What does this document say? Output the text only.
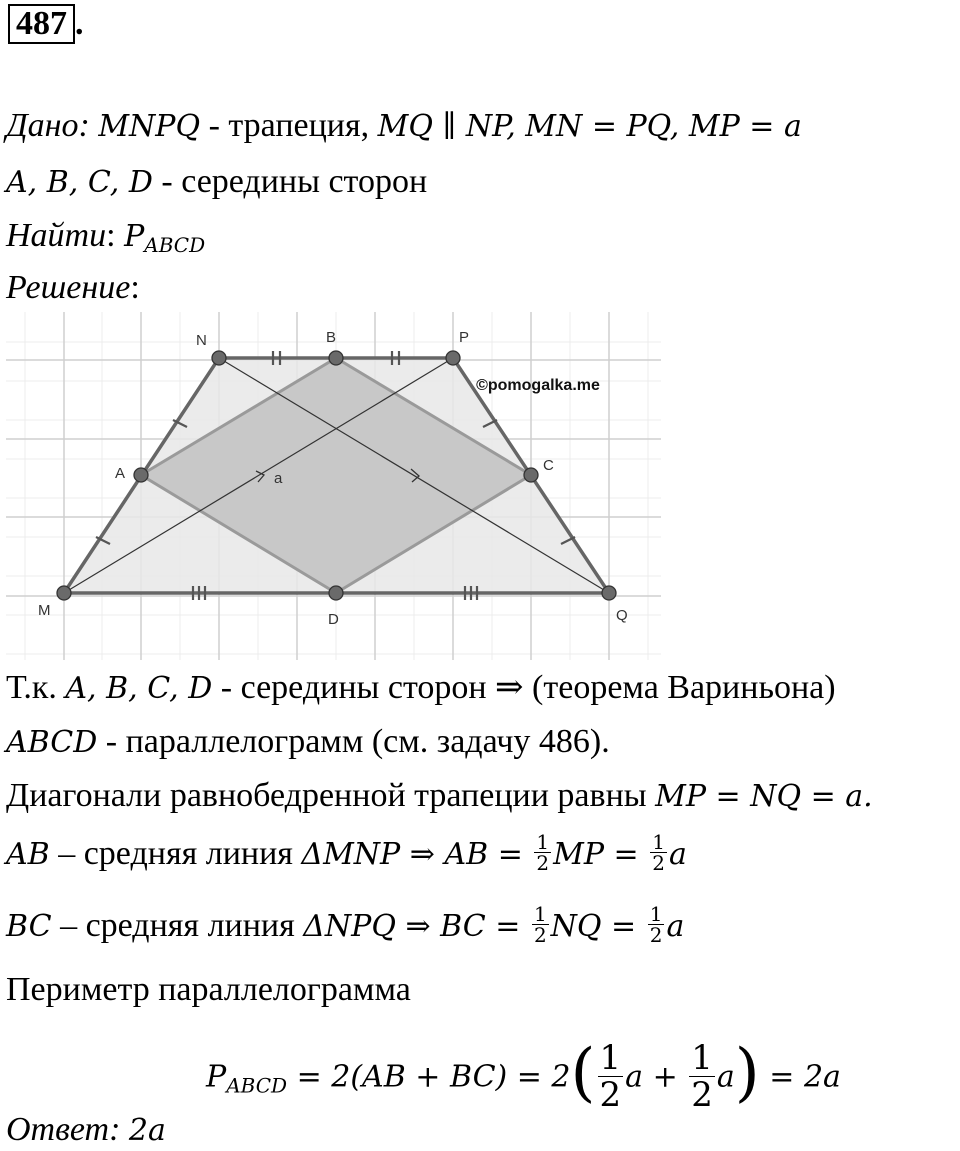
487 .
Дано: MNPQ - трапеция, MQ ∥ NP, MN = PQ, MP = a
A, B, C, D - середины сторон
Найти: $P_{ABCD}$
Решение:
M
N	P
Q
A
B
C
D
a
©pomogalka.me
Т.к. A, B, C, D - середины сторон ⇒ (теорема Вариньона)
ABCD - параллелограмм (см. задачу 486).
Диагонали равнобедренной трапеции равны MP = NQ = a.
AB – средняя линия ΔMNP ⇒ AB = $\frac{1}{2}$ MP = $\frac{1}{2}$ a
BC – средняя линия ΔNPQ ⇒ BC = $\frac{1}{2}$ NQ = $\frac{1}{2}$ a
Периметр параллелограмма
$P_{ABCD} = 2(AB + BC) = 2( \frac{1}{2}$ $a + \frac{1}{2} a) = 2a$
Ответ: 2a
